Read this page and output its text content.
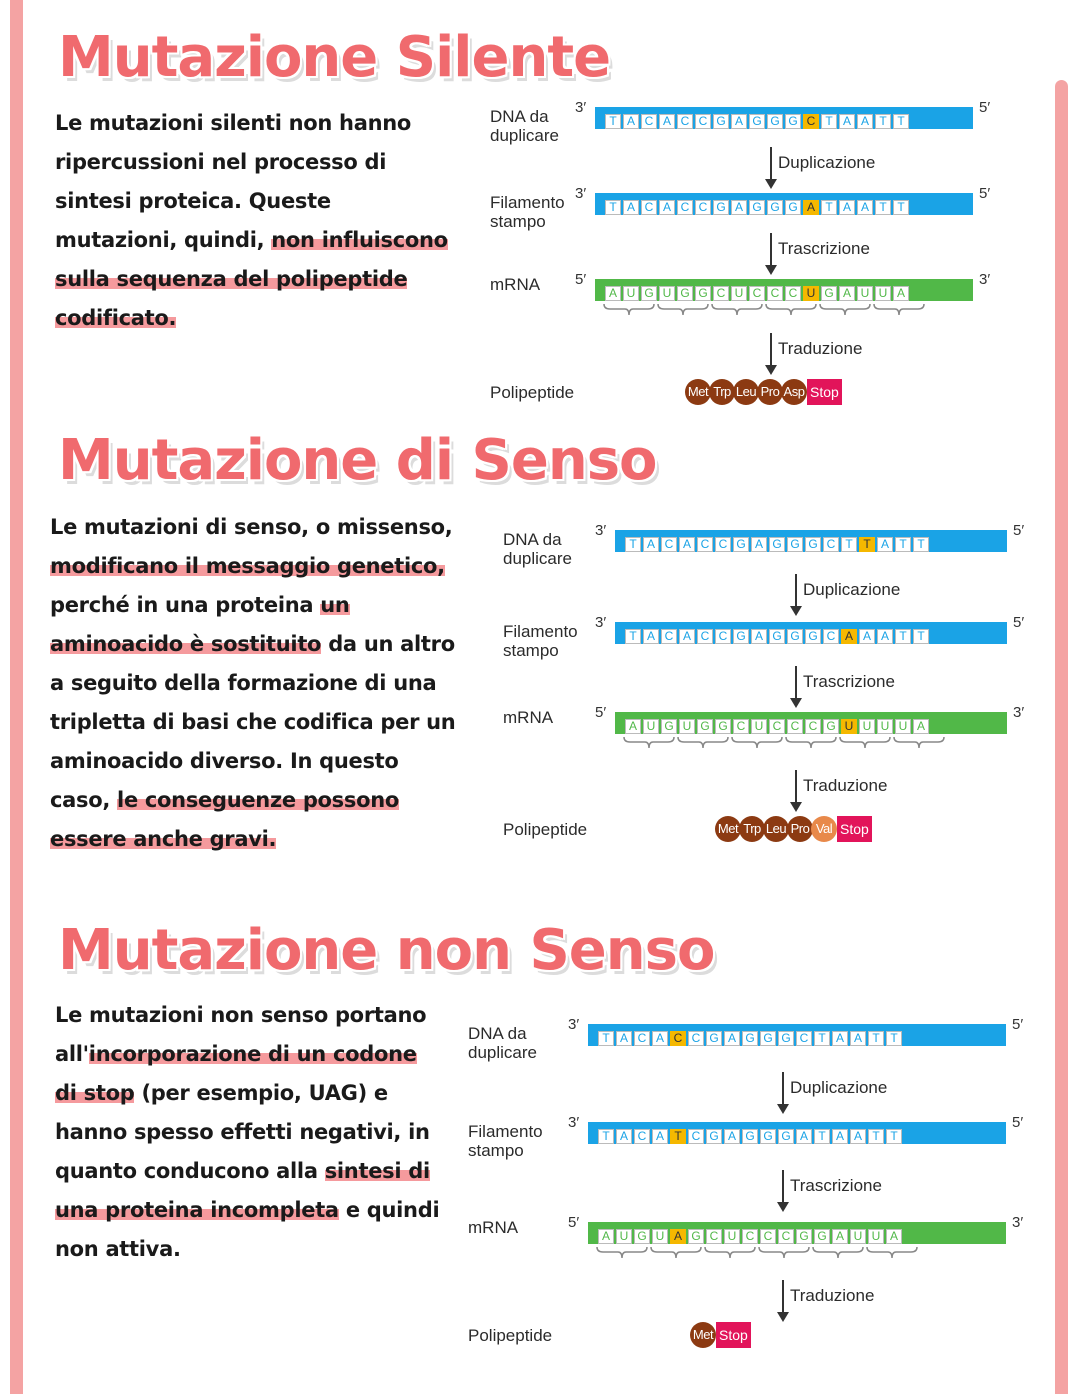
Mutazione Silente

Le mutazioni silenti non hanno ripercussioni nel processo di sintesi proteica. Queste mutazioni, quindi, non influiscono sulla sequenza del polipeptide codificato.

DNA da duplicare

3′	5′
T A C A C C G A G G G C T A A T T

Filamento stampo

3′	5′
T A C A C C G A G G G A T A A T T

mRNA	5′	3′
A U G U G G C U C C C U G A U U A
Duplicazione
Trascrizione
Traduzione

Polipeptide	Met Trp Leu Pro Asp Stop
Mutazione di Senso

Le mutazioni di senso, o missenso, modificano il messaggio genetico, perché in una proteina un aminoacido è sostituito da un altro a seguito della formazione di una tripletta di basi che codifica per un aminoacido diverso. In questo caso, le conseguenze possono essere anche gravi.

DNA da duplicare

3′	5′
T A C A C C G A G G G C T T A T T

Filamento stampo

3′	5′
T A C A C C G A G G G C A A A T T

mRNA	5′	3′
A U G U G G C U C C C G U U U U A
Duplicazione
Trascrizione
Traduzione

Polipeptide	Met Trp Leu Pro Val Stop
Mutazione non Senso

Le mutazioni non senso portano all'incorporazione di un codone di stop (per esempio, UAG) e hanno spesso effetti negativi, in quanto conducono alla sintesi di una proteina incompleta e quindi non attiva.

DNA da duplicare

3′	5′
T A C A C C G A G G G C T A A T T

Filamento stampo

3′	5′
T A C A T C G A G G G A T A A T T

mRNA	5′	3′
A U G U A G C U C C C G G A U U A
Duplicazione
Trascrizione
Traduzione

Polipeptide	Met Stop
